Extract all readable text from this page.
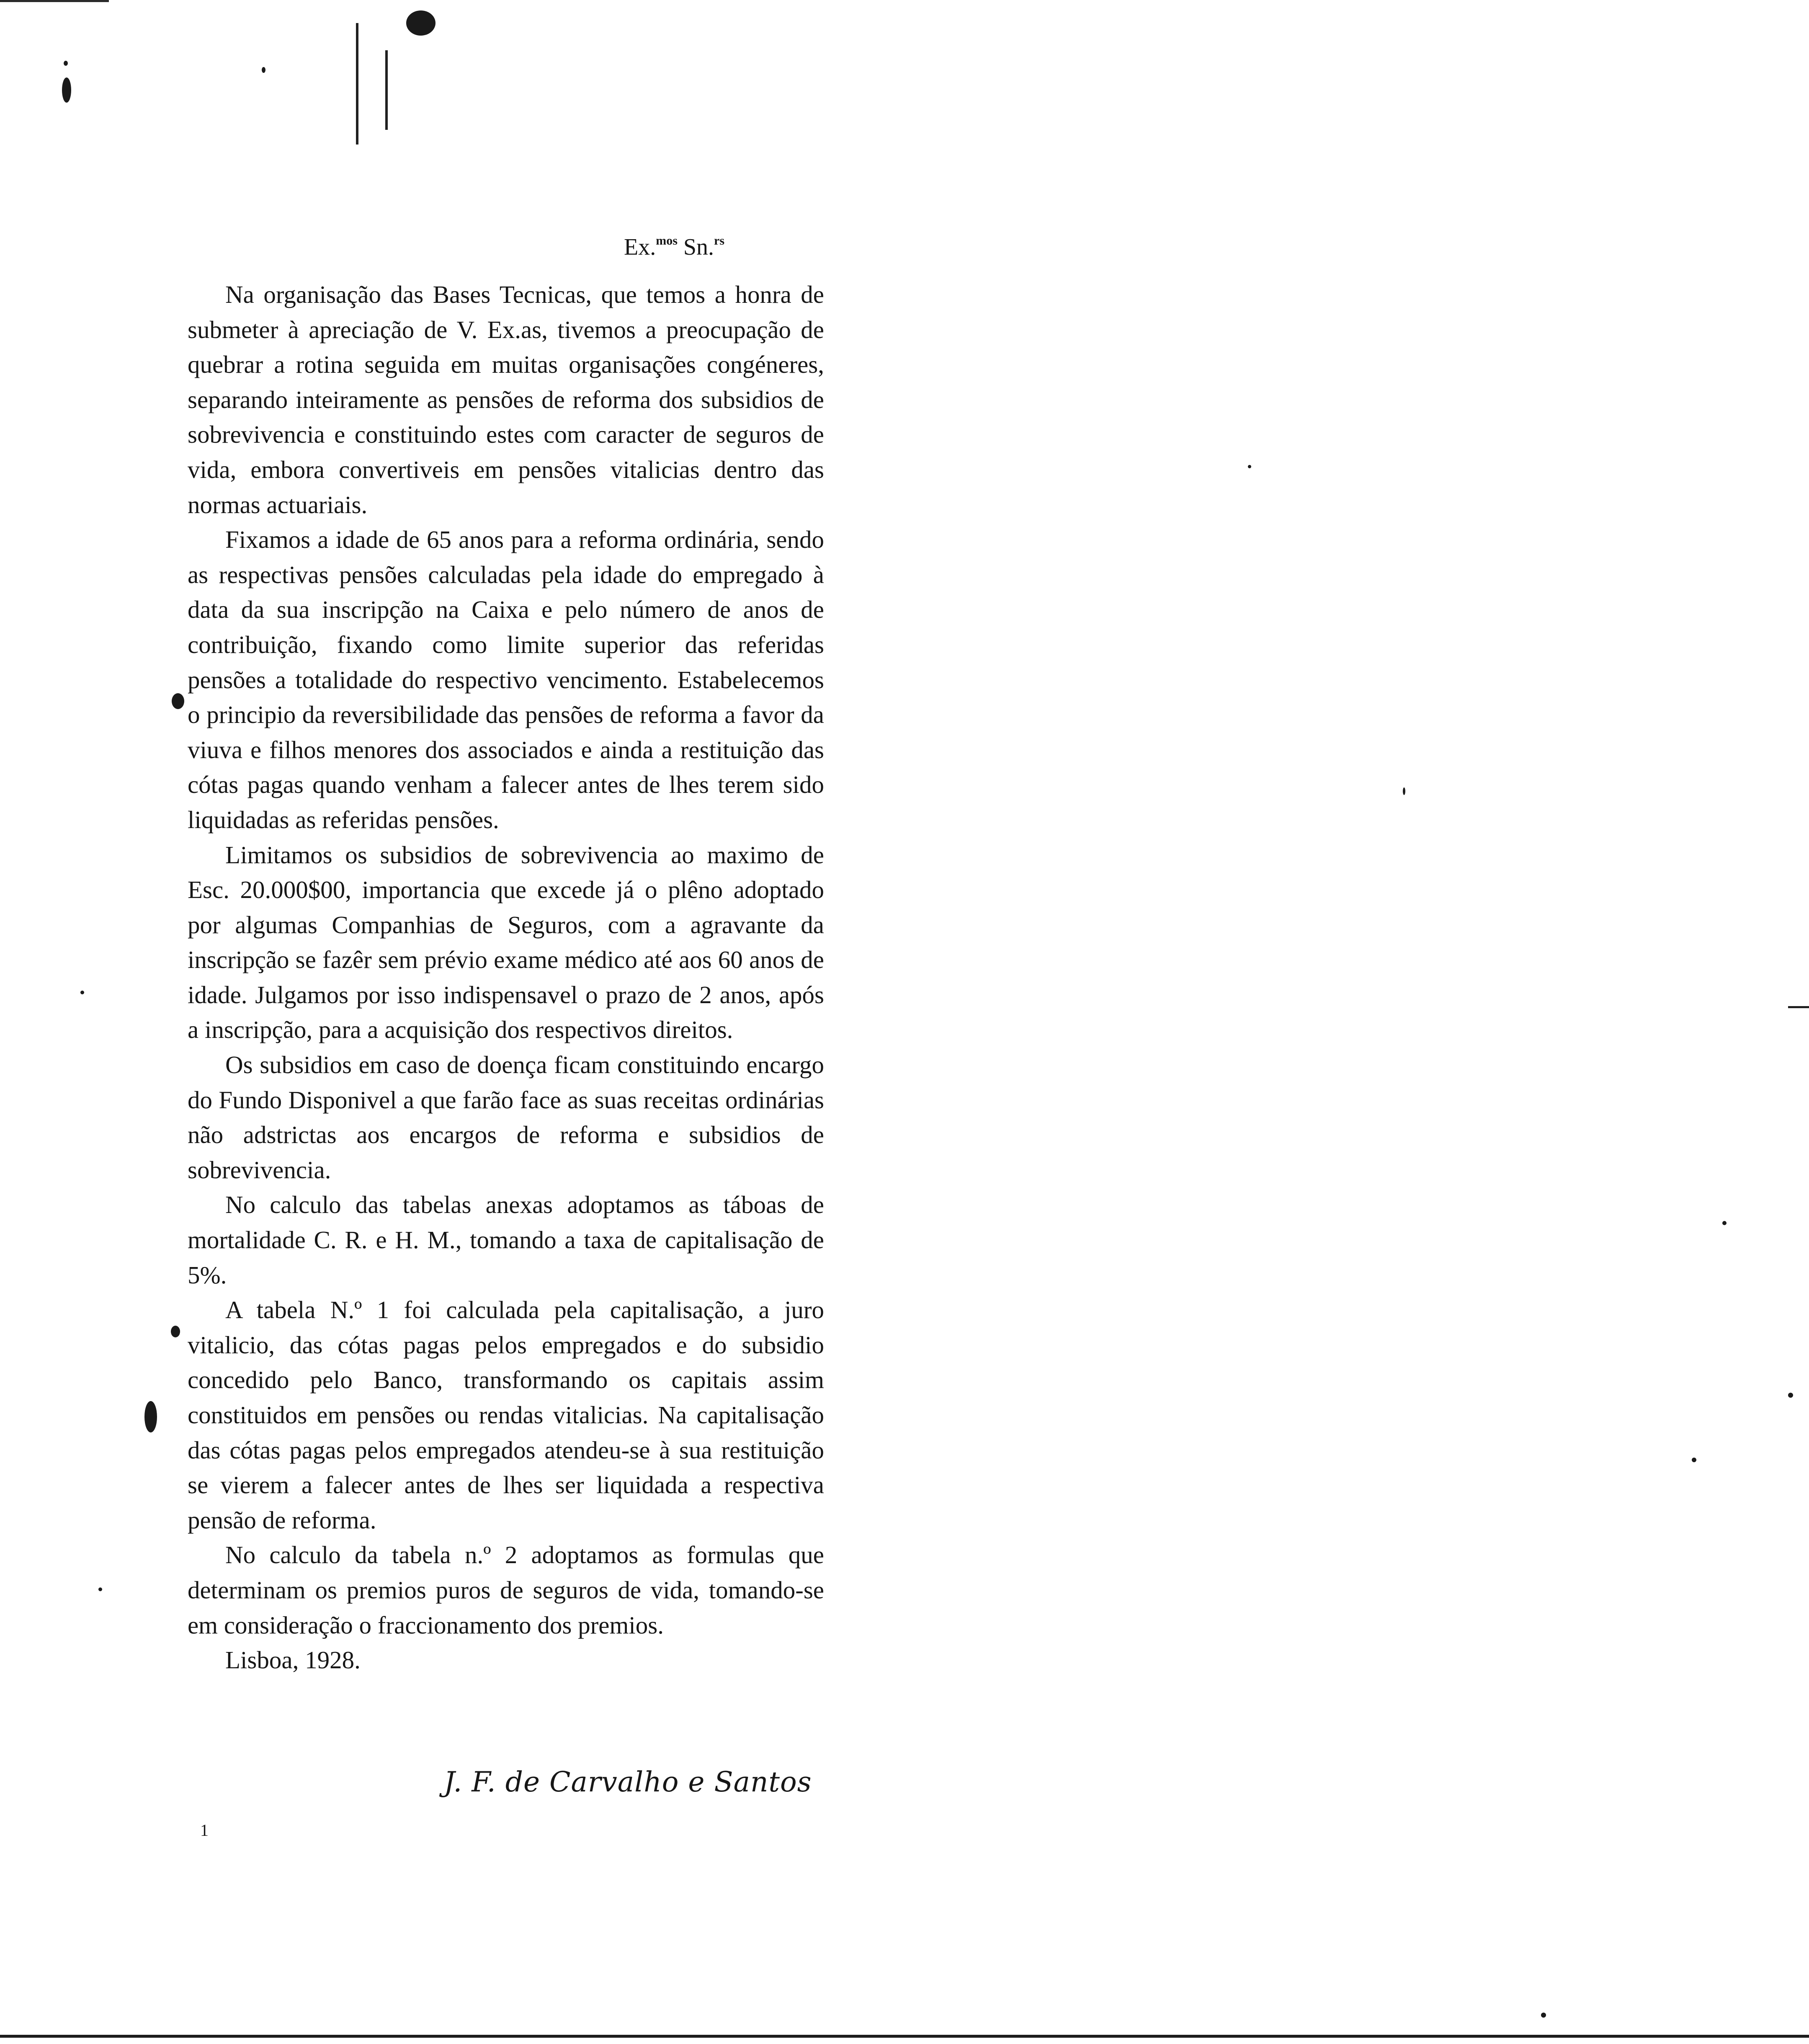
Ex.$^{mos}$ Sn.$^{rs}$

Na organisação das Bases Tecnicas, que temos a honra de submeter à apreciação de V. Ex.as, tivemos a preocupação de quebrar a rotina seguida em muitas organisações congéneres, separando inteiramente as pensões de reforma dos subsidios de sobrevivencia e constituindo estes com caracter de seguros de vida, embora convertiveis em pensões vitalicias dentro das normas actuariais.

Fixamos a idade de 65 anos para a reforma ordinária, sendo as respectivas pensões calculadas pela idade do empregado à data da sua inscripção na Caixa e pelo número de anos de contribuição, fixando como limite superior das referidas pensões a totalidade do respectivo vencimento. Estabelecemos o principio da reversibilidade das pensões de reforma a favor da viuva e filhos menores dos associados e ainda a restituição das cótas pagas quando venham a falecer antes de lhes terem sido liquidadas as referidas pensões.

Limitamos os subsidios de sobrevivencia ao maximo de Esc. 20.000$00, importancia que excede já o plêno adoptado por algumas Companhias de Seguros, com a agravante da inscripção se fazêr sem prévio exame médico até aos 60 anos de idade. Julgamos por isso indispensavel o prazo de 2 anos, após a inscripção, para a acquisição dos respectivos direitos.

Os subsidios em caso de doença ficam constituindo encargo do Fundo Disponivel a que farão face as suas receitas ordinárias não adstrictas aos encargos de reforma e subsidios de sobrevivencia.

No calculo das tabelas anexas adoptamos as táboas de mortalidade C. R. e H. M., tomando a taxa de capitalisação de 5%.

A tabela N.º 1 foi calculada pela capitalisação, a juro vitalicio, das cótas pagas pelos empregados e do subsidio concedido pelo Banco, transformando os capitais assim constituidos em pensões ou rendas vitalicias. Na capitalisação das cótas pagas pelos empregados atendeu-se à sua restituição se vierem a falecer antes de lhes ser liquidada a respectiva pensão de reforma.

No calculo da tabela n.º 2 adoptamos as formulas que determinam os premios puros de seguros de vida, tomando-se em consideração o fraccionamento dos premios.

Lisboa, 1928.

J. F. de Carvalho e Santos
1
